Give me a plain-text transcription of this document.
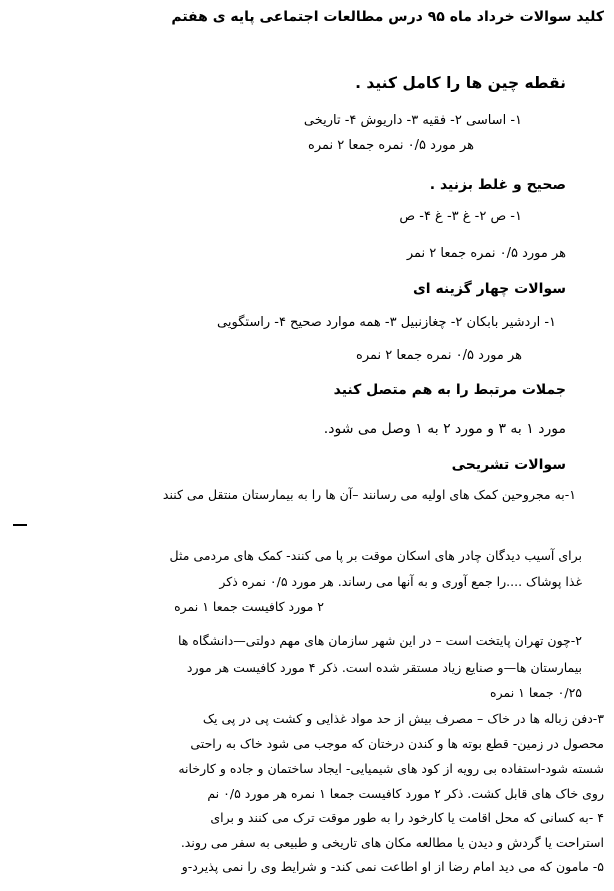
کلید سوالات خرداد ماه ۹۵ درس مطالعات اجتماعی پایه ی هفتم
نقطه چین ها را کامل کنید .
۱- اساسی ۲- فقیه ۳- داریوش ۴- تاریخی
هر مورد ۰/۵ نمره جمعا ۲ نمره
صحیح و غلط بزنید .
۱- ص ۲- غ ۳- غ ۴- ص
هر مورد ۰/۵ نمره جمعا ۲ نمر
سوالات چهار گزینه ای
۱- اردشیر بابکان ۲- چغازنبیل ۳- همه موارد صحیح ۴- راستگویی
هر مورد ۰/۵ نمره جمعا ۲ نمره
جملات مرتبط را به هم متصل کنید
مورد ۱ به ۳ و مورد ۲ به ۱ وصل می شود.
سوالات تشریحی
۱-به مجروحین کمک های اولیه می رسانند –آن ها را به بیمارستان منتقل می کنند
برای آسیب دیدگان چادر های اسکان موقت بر پا می کنند- کمک های مردمی مثل
غذا پوشاک ....را جمع آوری و به آنها می رساند. هر مورد ۰/۵ نمره ذکر
۲ مورد کافیست جمعا ۱ نمره
۲-چون تهران پایتخت است – در این شهر سازمان های مهم دولتی—دانشگاه ها
بیمارستان ها—و صنایع زیاد مستقر شده است. ذکر ۴ مورد کافیست هر مورد
۰/۲۵ جمعا ۱ نمره
۳-دفن زباله ها در خاک – مصرف بیش از حد مواد غذایی و کشت پی در پی یک
محصول در زمین- قطع بوته ها و کندن درختان که موجب می شود خاک به راحتی
شسته شود-استفاده بی رویه از کود های شیمیایی- ایجاد ساختمان و جاده و کارخانه
روی خاک های قابل کشت. ذکر ۲ مورد کافیست جمعا ۱ نمره هر مورد ۰/۵ نم
۴ -به کسانی که محل اقامت یا کارخود را به طور موقت ترک می کنند و برای
استراحت یا گردش و دیدن یا مطالعه مکان های تاریخی و طبیعی به سفر می روند.
۵- مامون که می دید امام رضا از او اطاعت نمی کند- و شرایط وی را نمی پذیرد-و
